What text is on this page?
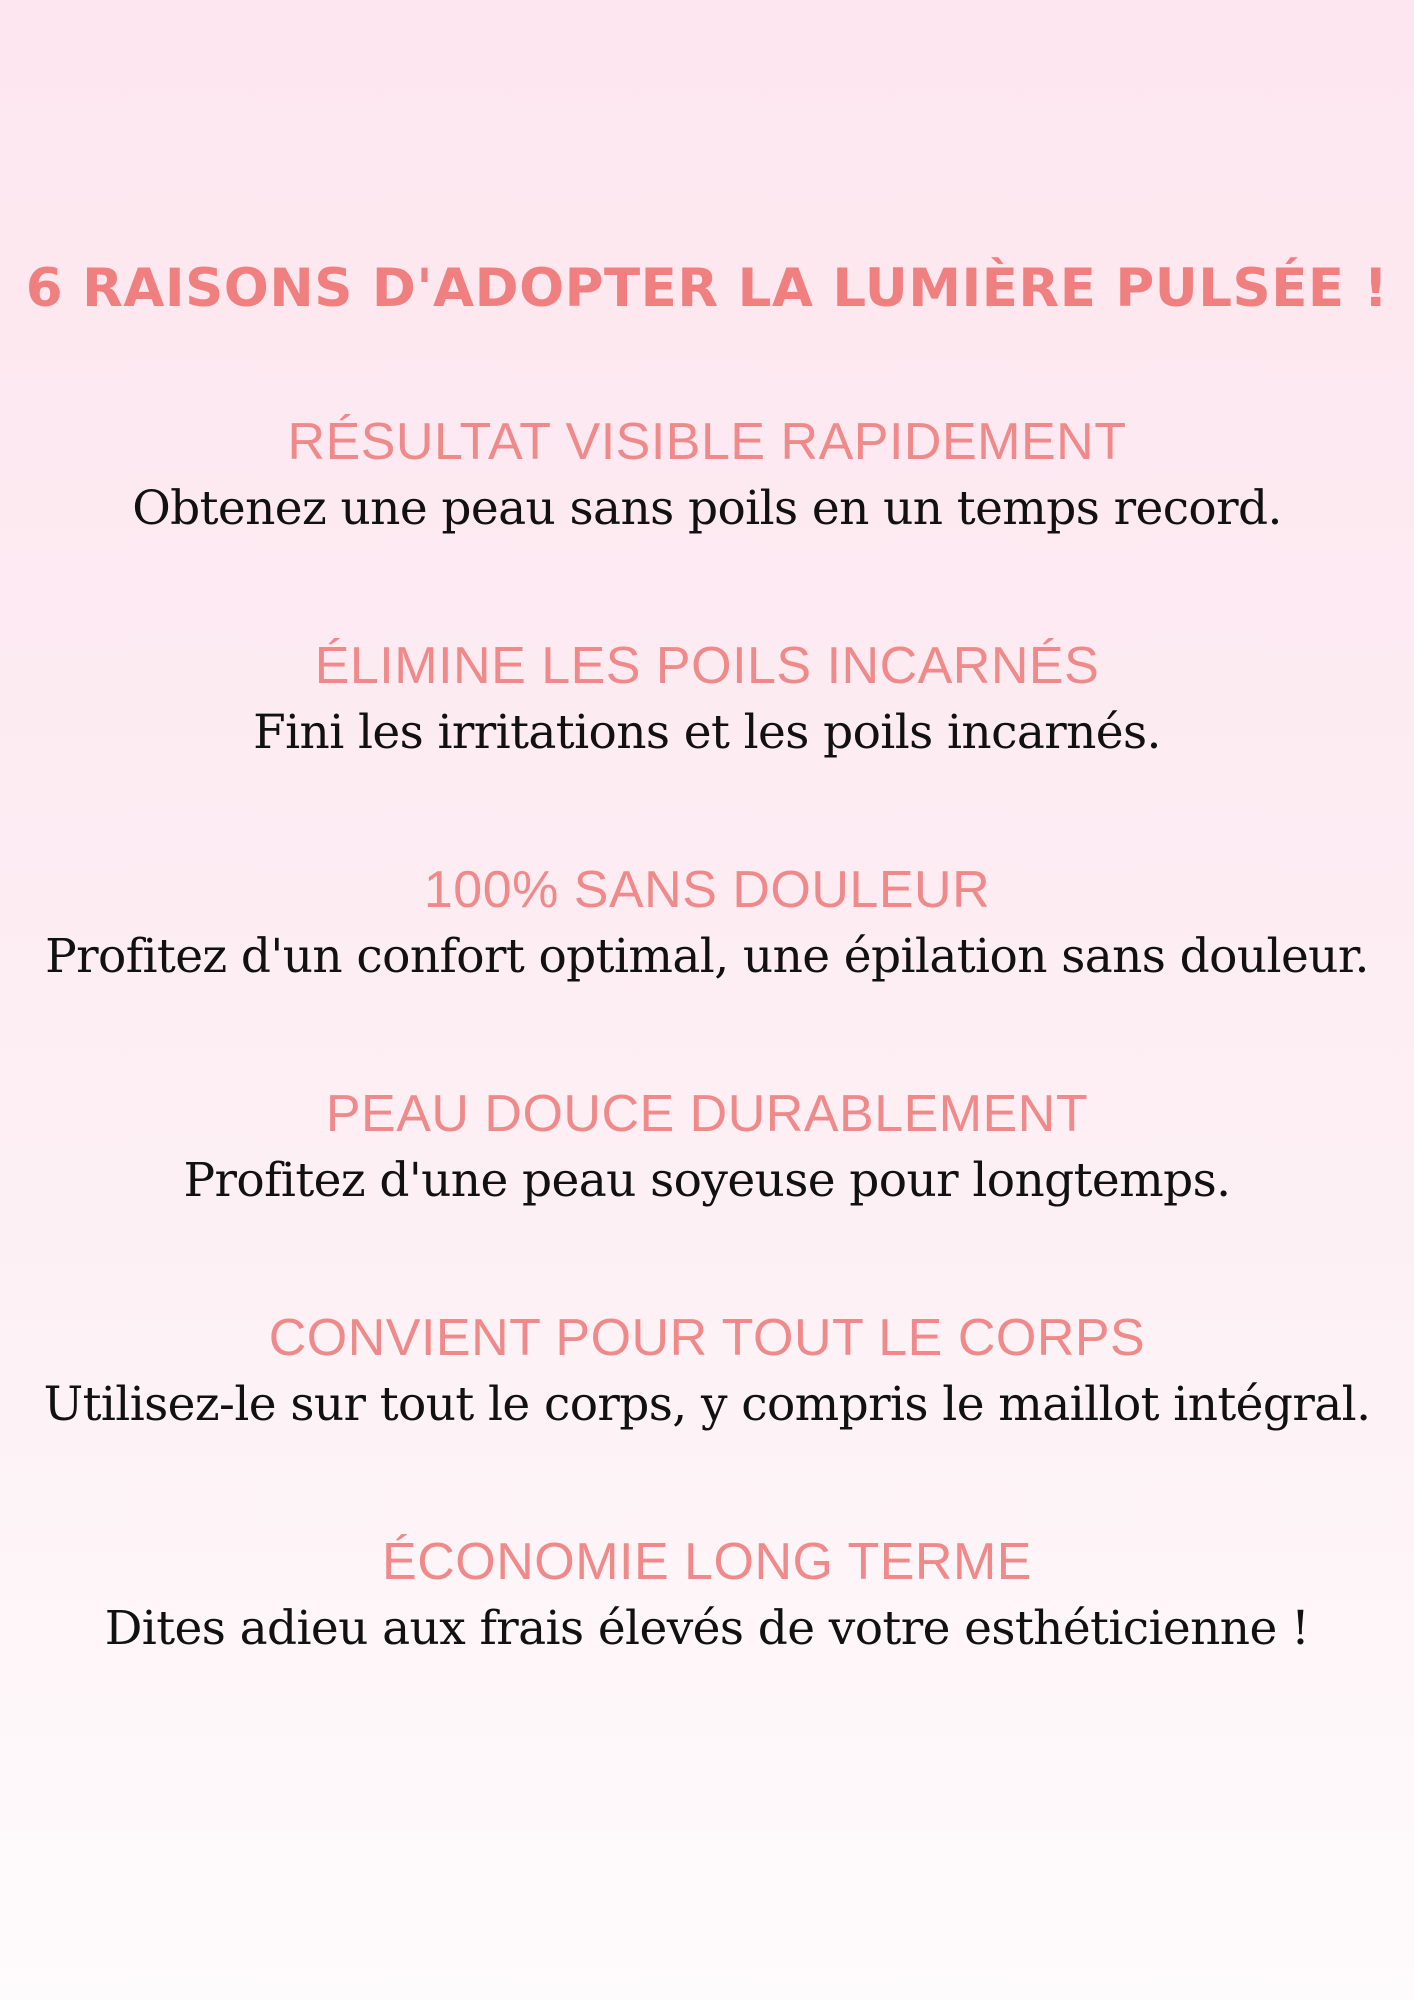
6 RAISONS D'ADOPTER LA LUMIÈRE PULSÉE !
RÉSULTAT VISIBLE RAPIDEMENT

Obtenez une peau sans poils en un temps record.

ÉLIMINE LES POILS INCARNÉS

Fini les irritations et les poils incarnés.

100% SANS DOULEUR

Profitez d'un confort optimal, une épilation sans douleur.

PEAU DOUCE DURABLEMENT

Profitez d'une peau soyeuse pour longtemps.

CONVIENT POUR TOUT LE CORPS

Utilisez-le sur tout le corps, y compris le maillot intégral.

ÉCONOMIE LONG TERME

Dites adieu aux frais élevés de votre esthéticienne !
